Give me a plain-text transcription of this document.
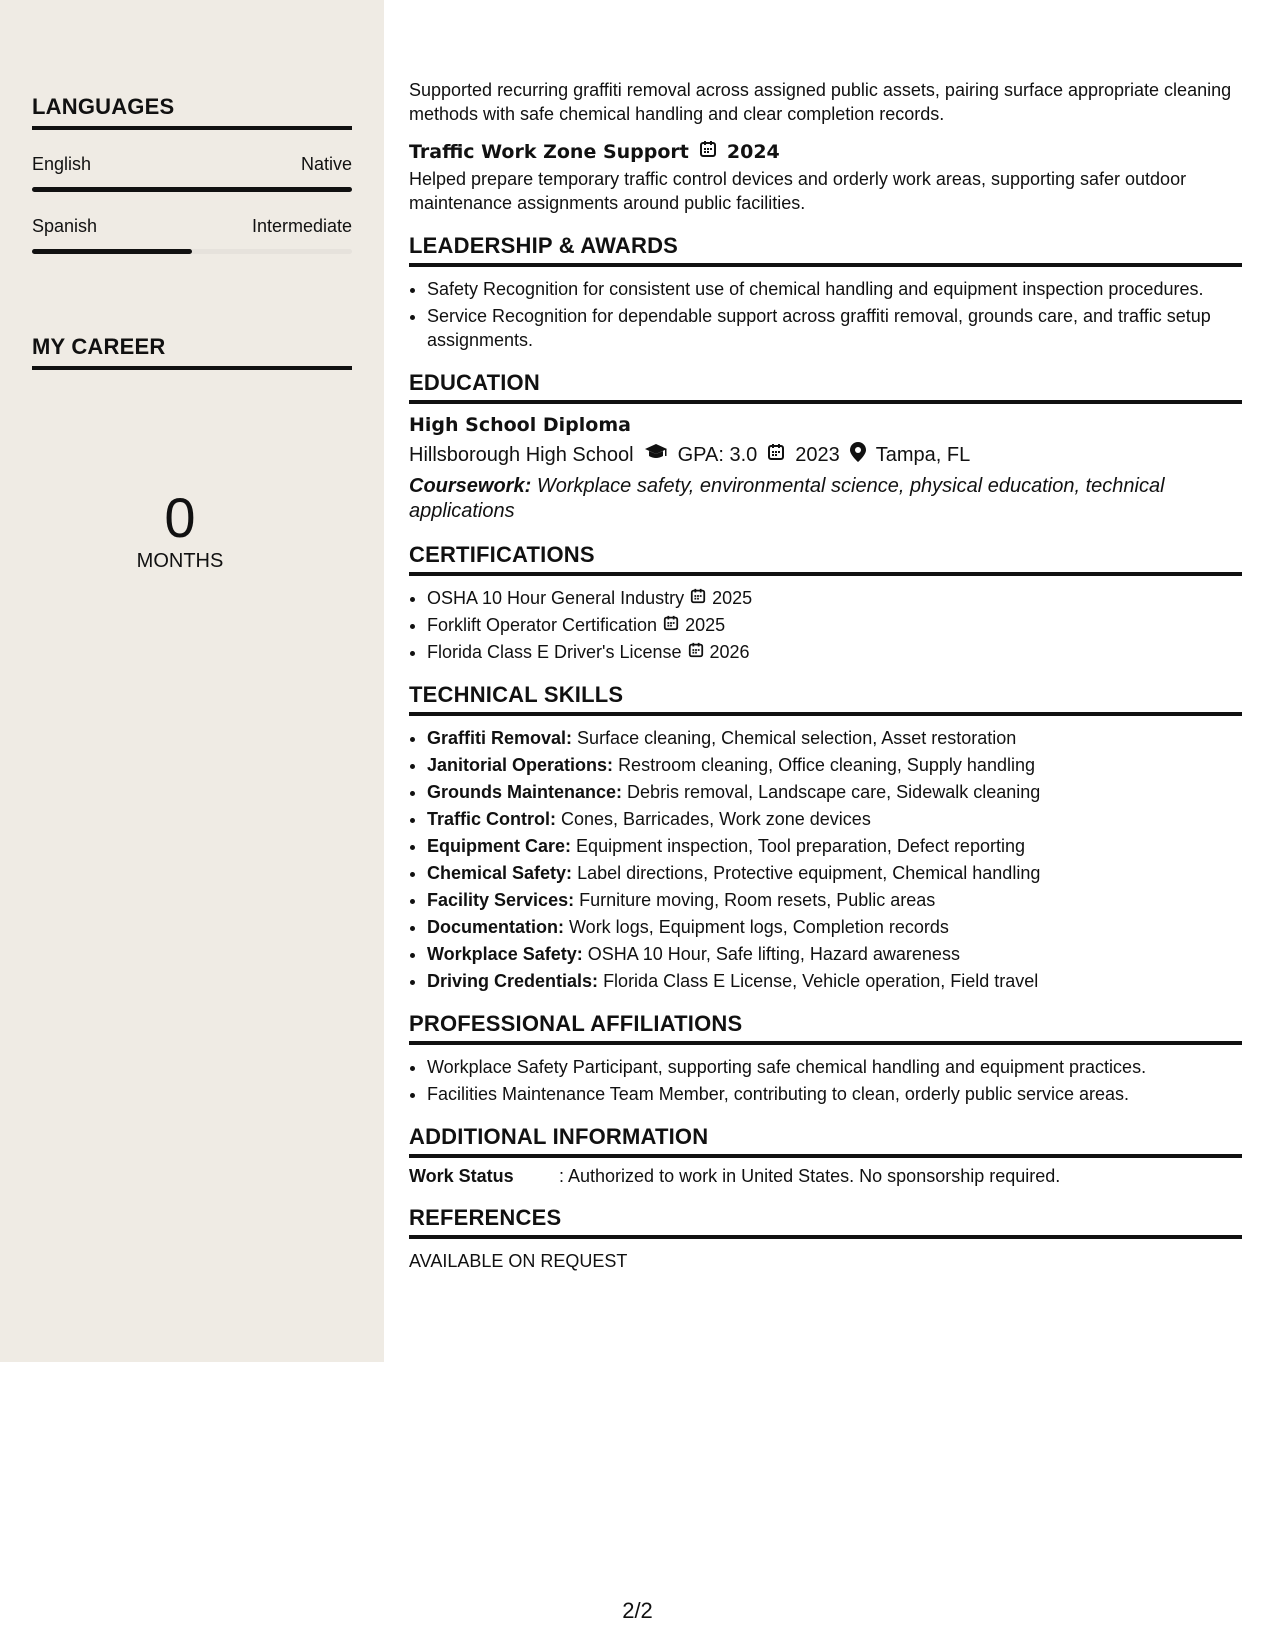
LANGUAGES
English	Native
Spanish	Intermediate
MY CAREER
0
MONTHS

Supported recurring graffiti removal across assigned public assets, pairing surface appropriate cleaning methods with safe chemical handling and clear completion records.

Traffic Work Zone Support 2024

Helped prepare temporary traffic control devices and orderly work areas, supporting safer outdoor maintenance assignments around public facilities.

LEADERSHIP & AWARDS
• Safety Recognition for consistent use of chemical handling and equipment inspection procedures.
• Service Recognition for dependable support across graffiti removal, grounds care, and traffic setup assignments.
EDUCATION
High School Diploma
Hillsborough High School GPA: 3.0 2023 Tampa, FL
Coursework: Workplace safety, environmental science, physical education, technical applications
CERTIFICATIONS
• OSHA 10 Hour General Industry 2025
• Forklift Operator Certification 2025
• Florida Class E Driver's License 2026
TECHNICAL SKILLS
• Graffiti Removal: Surface cleaning, Chemical selection, Asset restoration
• Janitorial Operations: Restroom cleaning, Office cleaning, Supply handling
• Grounds Maintenance: Debris removal, Landscape care, Sidewalk cleaning
• Traffic Control: Cones, Barricades, Work zone devices
• Equipment Care: Equipment inspection, Tool preparation, Defect reporting
• Chemical Safety: Label directions, Protective equipment, Chemical handling
• Facility Services: Furniture moving, Room resets, Public areas
• Documentation: Work logs, Equipment logs, Completion records
• Workplace Safety: OSHA 10 Hour, Safe lifting, Hazard awareness
• Driving Credentials: Florida Class E License, Vehicle operation, Field travel
PROFESSIONAL AFFILIATIONS
• Workplace Safety Participant, supporting safe chemical handling and equipment practices.
• Facilities Maintenance Team Member, contributing to clean, orderly public service areas.
ADDITIONAL INFORMATION
Work Status	: Authorized to work in United States. No sponsorship required.
REFERENCES

AVAILABLE ON REQUEST

2/2
